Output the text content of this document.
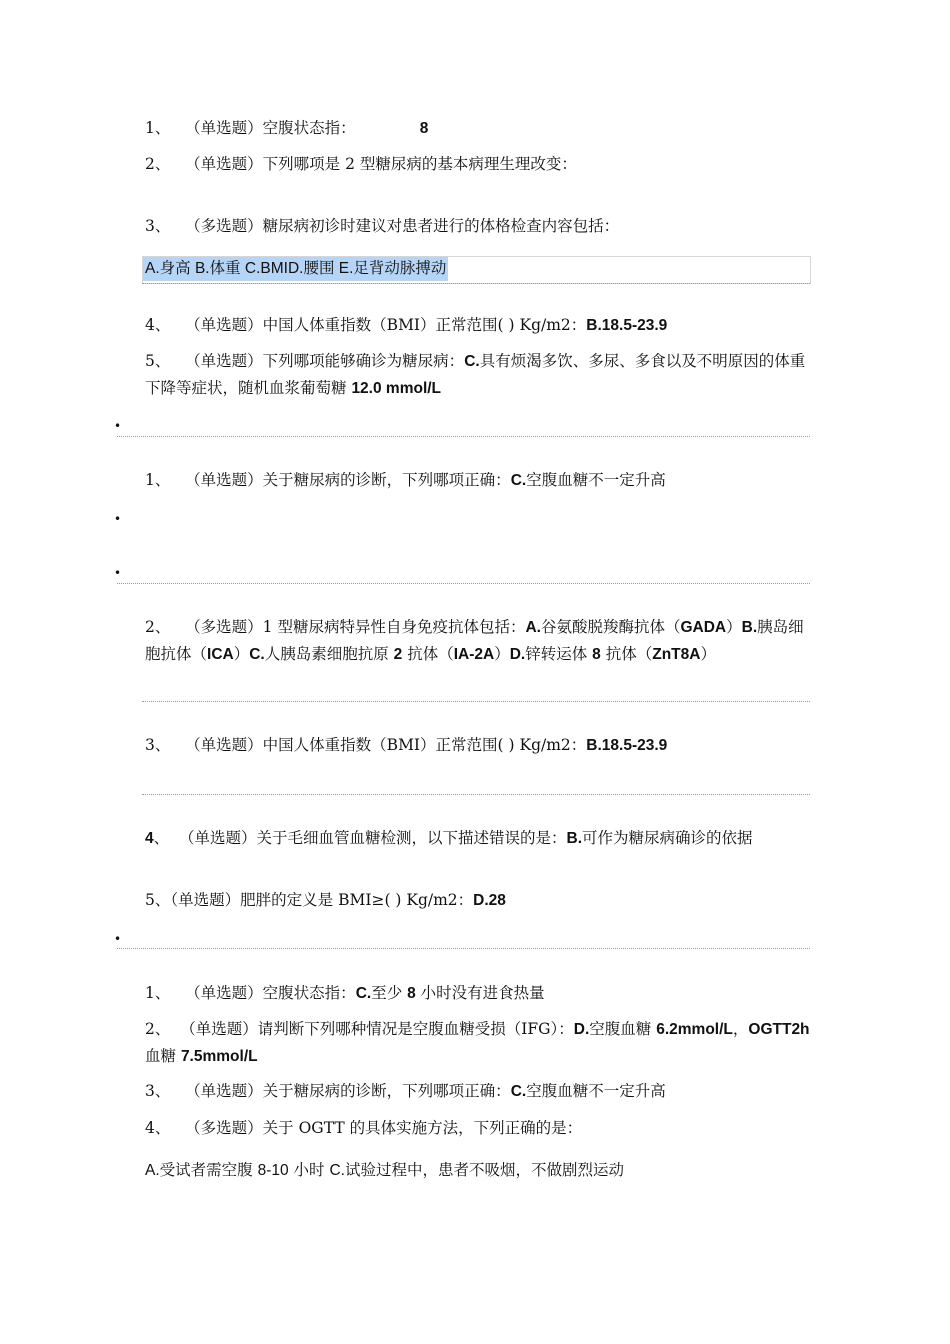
1、 （单选题）空腹状态指：	8
2、 （单选题）下列哪项是 2 型糖尿病的基本病理生理改变：
3、 （多选题）糖尿病初诊时建议对患者进行的体格检查内容包括：
A.身高 B.体重 C.BMID.腰围 E.足背动脉搏动
4、 （单选题）中国人体重指数（BMI）正常范围( ) Kg/m2：B.18.5-23.9
5、 （单选题）下列哪项能够确诊为糖尿病：C.具有烦渴多饮、多尿、多食以及不明原因的体重下降等症状，随机血浆葡萄糖 12.0 mmol/L
•
1、 （单选题）关于糖尿病的诊断，下列哪项正确：C.空腹血糖不一定升高
•
•
2、 （多选题）1 型糖尿病特异性自身免疫抗体包括：A.谷氨酸脱羧酶抗体（GADA）B.胰岛细胞抗体（ICA）C.人胰岛素细胞抗原 2 抗体（IA-2A）D.锌转运体 8 抗体（ZnT8A）
3、 （单选题）中国人体重指数（BMI）正常范围( ) Kg/m2：B.18.5-23.9
4、 （单选题）关于毛细血管血糖检测，以下描述错误的是：B.可作为糖尿病确诊的依据
5、（单选题）肥胖的定义是 BMI≥( ) Kg/m2：D.28
•
1、 （单选题）空腹状态指：C.至少 8 小时没有进食热量
2、 （单选题）请判断下列哪种情况是空腹血糖受损（IFG）：D.空腹血糖 6.2mmol/L，OGTT2h 血糖 7.5mmol/L
3、 （单选题）关于糖尿病的诊断，下列哪项正确：C.空腹血糖不一定升高
4、 （多选题）关于 OGTT 的具体实施方法，下列正确的是：
A.受试者需空腹 8-10 小时 C.试验过程中，患者不吸烟，不做剧烈运动
